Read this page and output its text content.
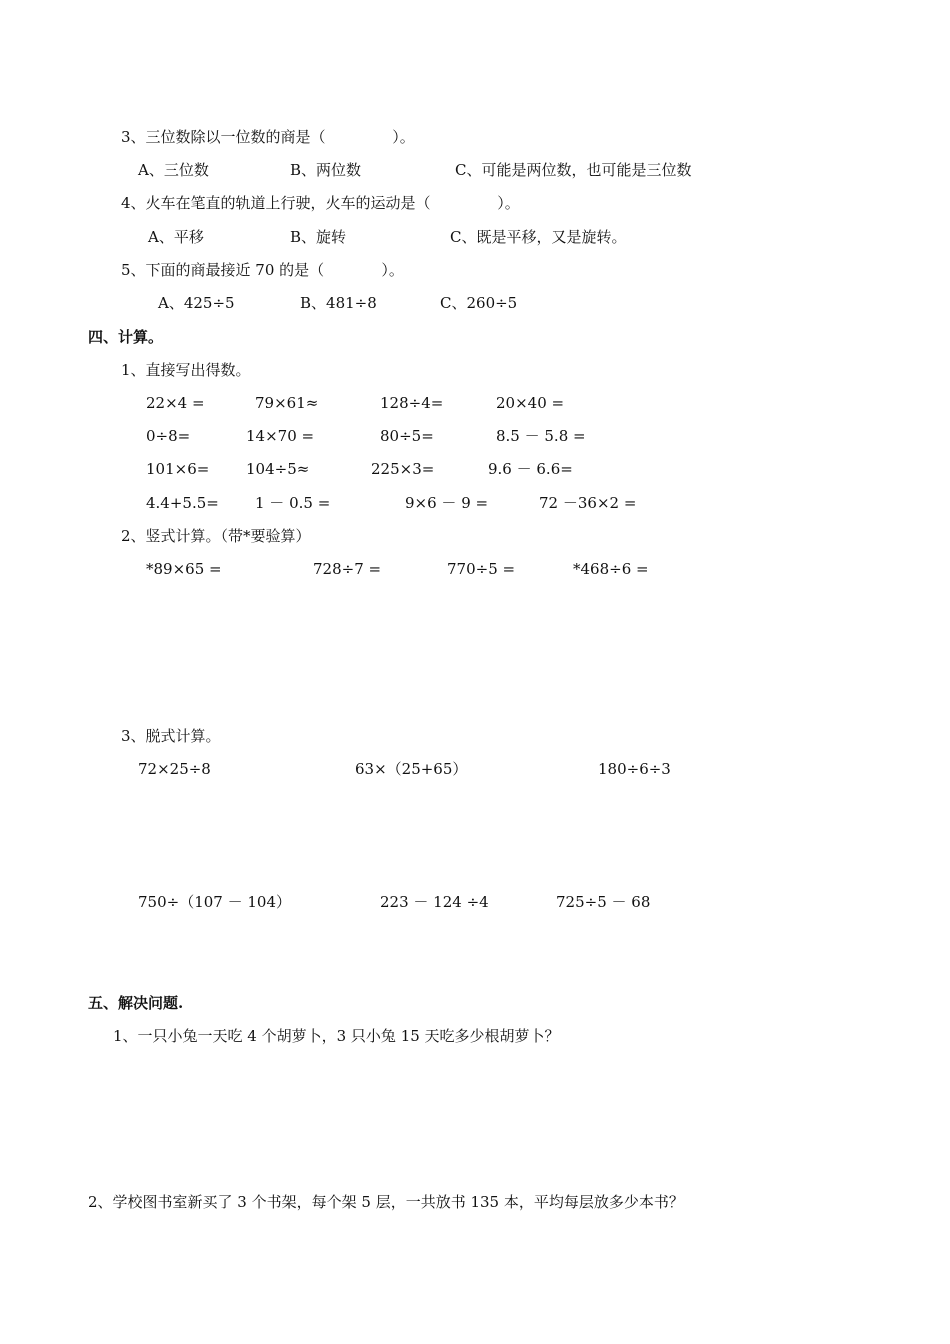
3、三位数除以一位数的商是（              ）。
A、三位数	B、两位数	C、可能是两位数，也可能是三位数
4、火车在笔直的轨道上行驶，火车的运动是（              ）。
A、平移	B、旋转	C、既是平移，又是旋转。
5、下面的商最接近 70 的是（            ）。
A、425÷5	B、481÷8	C、260÷5
四、计算。
1、直接写出得数。
22×4 =	79×61≈	128÷4=	20×40 =
0÷8=	14×70 =	80÷5=	8.5 － 5.8 =
101×6= 104÷5≈	225×3=	9.6 － 6.6=
4.4+5.5= 1 － 0.5 =	9×6 － 9 =	72 －36×2 =
2、竖式计算。（带*要验算）
*89×65 =	728÷7 =	770÷5 =	*468÷6 =
3、脱式计算。
72×25÷8	63×（25+65）	180÷6÷3
750÷（107 － 104）	223 － 124 ÷4	725÷5 － 68
五、解决问题.
1、一只小兔一天吃 4 个胡萝卜，3 只小兔 15 天吃多少根胡萝卜？
2、学校图书室新买了 3 个书架，每个架 5 层，一共放书 135 本，平均每层放多少本书？
